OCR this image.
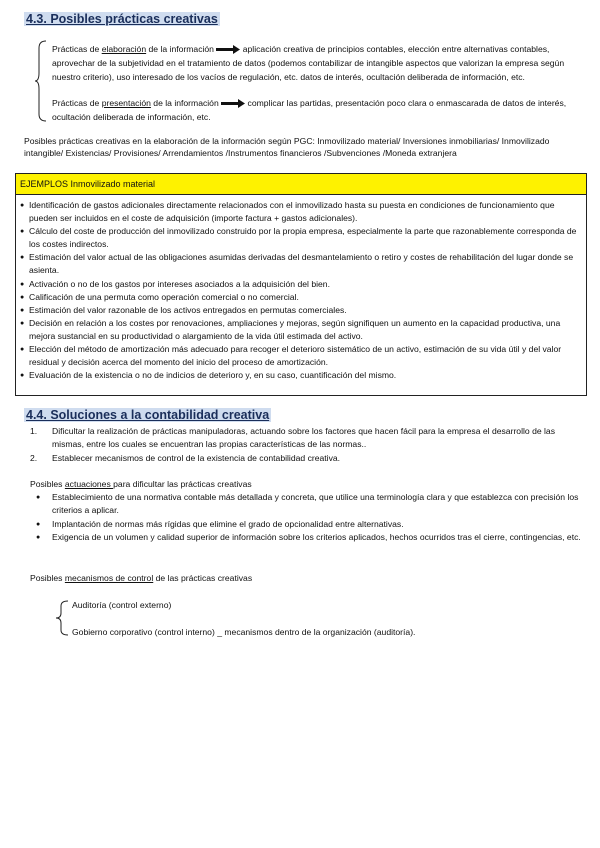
4.3. Posibles prácticas creativas
Prácticas de elaboración de la información	aplicación creativa de principios contables, elección entre alternativas contables, aprovechar de la subjetividad en el tratamiento de datos (podemos contabilizar de intangible aspectos que valorizan la empresa según nuestro criterio), uso interesado de los vacíos de regulación, etc. datos de interés, ocultación deliberada de información, etc.
Prácticas de presentación de la información	complicar las partidas, presentación poco clara o enmascarada de datos de interés, ocultación deliberada de información, etc.
Posibles prácticas creativas en la elaboración de la información según PGC: Inmovilizado material/ Inversiones inmobiliarias/ Inmovilizado intangible/ Existencias/ Provisiones/ Arrendamientos /Instrumentos financieros /Subvenciones /Moneda extranjera
EJEMPLOS Inmovilizado material
● Identificación de gastos adicionales directamente relacionados con el inmovilizado hasta su puesta en condiciones de funcionamiento que pueden ser incluidos en el coste de adquisición (importe factura + gastos adicionales).
● Cálculo del coste de producción del inmovilizado construido por la propia empresa, especialmente la parte que razonablemente corresponda de los costes indirectos.
● Estimación del valor actual de las obligaciones asumidas derivadas del desmantelamiento o retiro y costes de rehabilitación del lugar donde se asienta.
● Activación o no de los gastos por intereses asociados a la adquisición del bien.
● Calificación de una permuta como operación comercial o no comercial.
● Estimación del valor razonable de los activos entregados en permutas comerciales.
● Decisión en relación a los costes por renovaciones, ampliaciones y mejoras, según signifiquen un aumento en la capacidad productiva, una mejora sustancial en su productividad o alargamiento de la vida útil estimada del activo.
● Elección del método de amortización más adecuado para recoger el deterioro sistemático de un activo, estimación de su vida útil y del valor residual y decisión acerca del momento del inicio del proceso de amortización.
● Evaluación de la existencia o no de indicios de deterioro y, en su caso, cuantificación del mismo.
4.4. Soluciones a la contabilidad creativa
1. Dificultar la realización de prácticas manipuladoras, actuando sobre los factores que hacen fácil para la empresa el desarrollo de las mismas, entre los cuales se encuentran las propias características de las normas..
2. Establecer mecanismos de control de la existencia de contabilidad creativa.
Posibles actuaciones para dificultar las prácticas creativas
● Establecimiento de una normativa contable más detallada y concreta, que utilice una terminología clara y que establezca con precisión los criterios a aplicar.
● Implantación de normas más rígidas que elimine el grado de opcionalidad entre alternativas.
● Exigencia de un volumen y calidad superior de información sobre los criterios aplicados, hechos ocurridos tras el cierre, contingencias, etc.
Posibles mecanismos de control de las prácticas creativas
Auditoría (control externo)
Gobierno corporativo (control interno) _ mecanismos dentro de la organización (auditoría).
